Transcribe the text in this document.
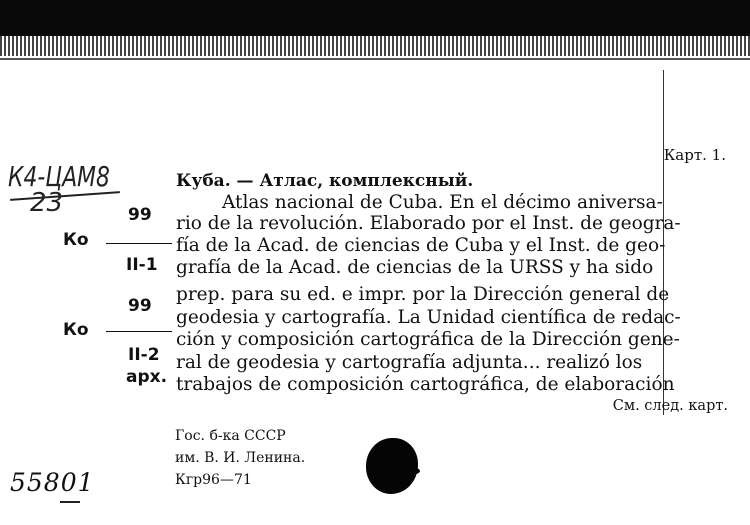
Карт. 1.
К4-ЦАМ8
23
Куба. — Атлас, комплексный.
Atlas nacional de Cuba. En el décimo aniversa-
rio de la revolución. Elaborado por el Inst. de geogra-
fía de la Acad. de ciencias de Cuba y el Inst. de geo-
grafía de la Acad. de ciencias de la URSS y ha sido
prep. para su ed. e impr. por la Dirección general de
geodesia y cartografía. La Unidad científica de redac-
ción y composición cartográfica de la Dirección gene-
ral de geodesia y cartografía adjunta... realizó los
trabajos de composición cartográfica, de elaboración
См. след. карт.
99
Ко
II-1
99
Ко
II-2
арх.
Гос. б-ка СССР
им. В. И. Ленина.
Кгр96—71
55801
